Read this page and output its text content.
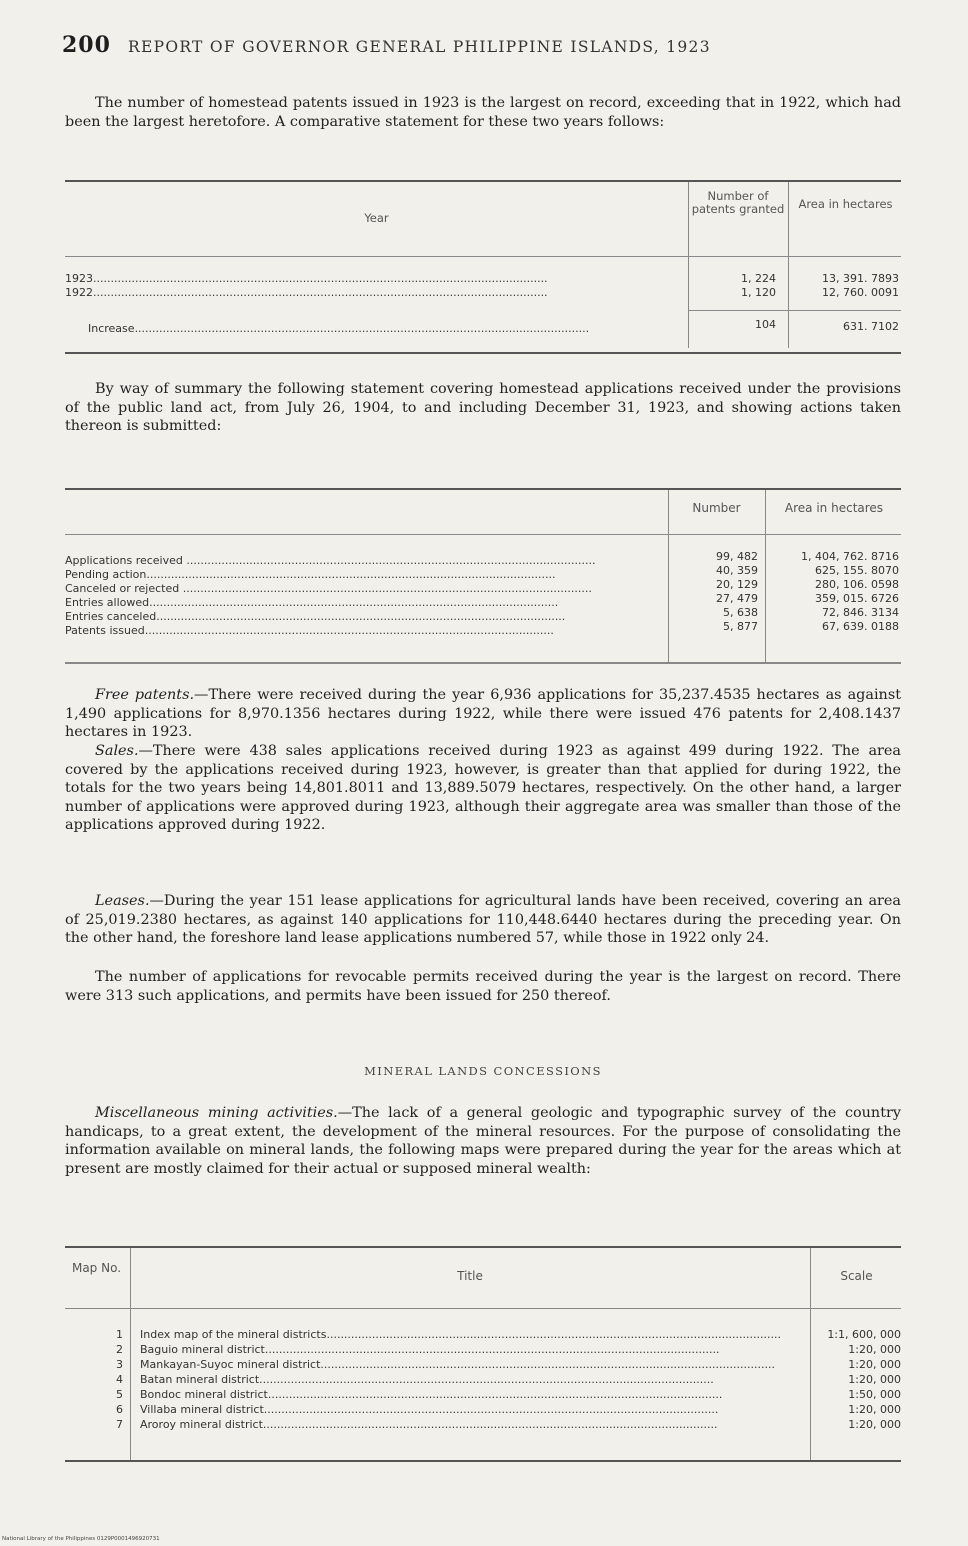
200 REPORT OF GOVERNOR GENERAL PHILIPPINE ISLANDS, 1923

The number of homestead patents issued in 1923 is the largest on record, exceeding that in 1922, which had been the largest heretofore. A comparative statement for these two years follows:

Year
Number of patents granted	Area in hectares
1923..................................................................................................................................	1, 224	13, 391. 7893
1922..................................................................................................................................	1, 120	12, 760. 0091
Increase..................................................................................................................................	104	631. 7102

By way of summary the following statement covering homestead applications received under the provisions of the public land act, from July 26, 1904, to and including December 31, 1923, and showing actions taken thereon is submitted:

Number	Area in hectares
Applications received .....................................................................................................................	99, 482	1, 404, 762. 8716
Pending action.....................................................................................................................	40, 359	625, 155. 8070
Canceled or rejected .....................................................................................................................	20, 129	280, 106. 0598
Entries allowed.....................................................................................................................	27, 479	359, 015. 6726
Entries canceled.....................................................................................................................	5, 638	72, 846. 3134
Patents issued.....................................................................................................................	5, 877	67, 639. 0188

Free patents.—There were received during the year 6,936 applications for 35,237.4535 hectares as against 1,490 applications for 8,970.1356 hectares during 1922, while there were issued 476 patents for 2,408.1437 hectares in 1923.

Sales.—There were 438 sales applications received during 1923 as against 499 during 1922. The area covered by the applications received during 1923, however, is greater than that applied for during 1922, the totals for the two years being 14,801.8011 and 13,889.5079 hectares, respectively. On the other hand, a larger number of applications were approved during 1923, although their aggregate area was smaller than those of the applications approved during 1922.

Leases.—During the year 151 lease applications for agricultural lands have been received, covering an area of 25,019.2380 hectares, as against 140 applications for 110,448.6440 hectares during the preceding year. On the other hand, the foreshore land lease applications numbered 57, while those in 1922 only 24.

The number of applications for revocable permits received during the year is the largest on record. There were 313 such applications, and permits have been issued for 250 thereof.

MINERAL LANDS CONCESSIONS

Miscellaneous mining activities.—The lack of a general geologic and typographic survey of the country handicaps, to a great extent, the development of the mineral resources. For the purpose of consolidating the information available on mineral lands, the following maps were prepared during the year for the areas which at present are mostly claimed for their actual or supposed mineral wealth:

Map No.
Title	Scale
1 Index map of the mineral districts..................................................................................................................................	1:1, 600, 000
2 Baguio mineral district..................................................................................................................................	1:20, 000
3 Mankayan-Suyoc mineral district..................................................................................................................................	1:20, 000
4 Batan mineral district..................................................................................................................................	1:20, 000
5 Bondoc mineral district..................................................................................................................................	1:50, 000
6 Villaba mineral district..................................................................................................................................	1:20, 000
7 Aroroy mineral district..................................................................................................................................	1:20, 000
National Library of the Philippines 0129P0001496920731
